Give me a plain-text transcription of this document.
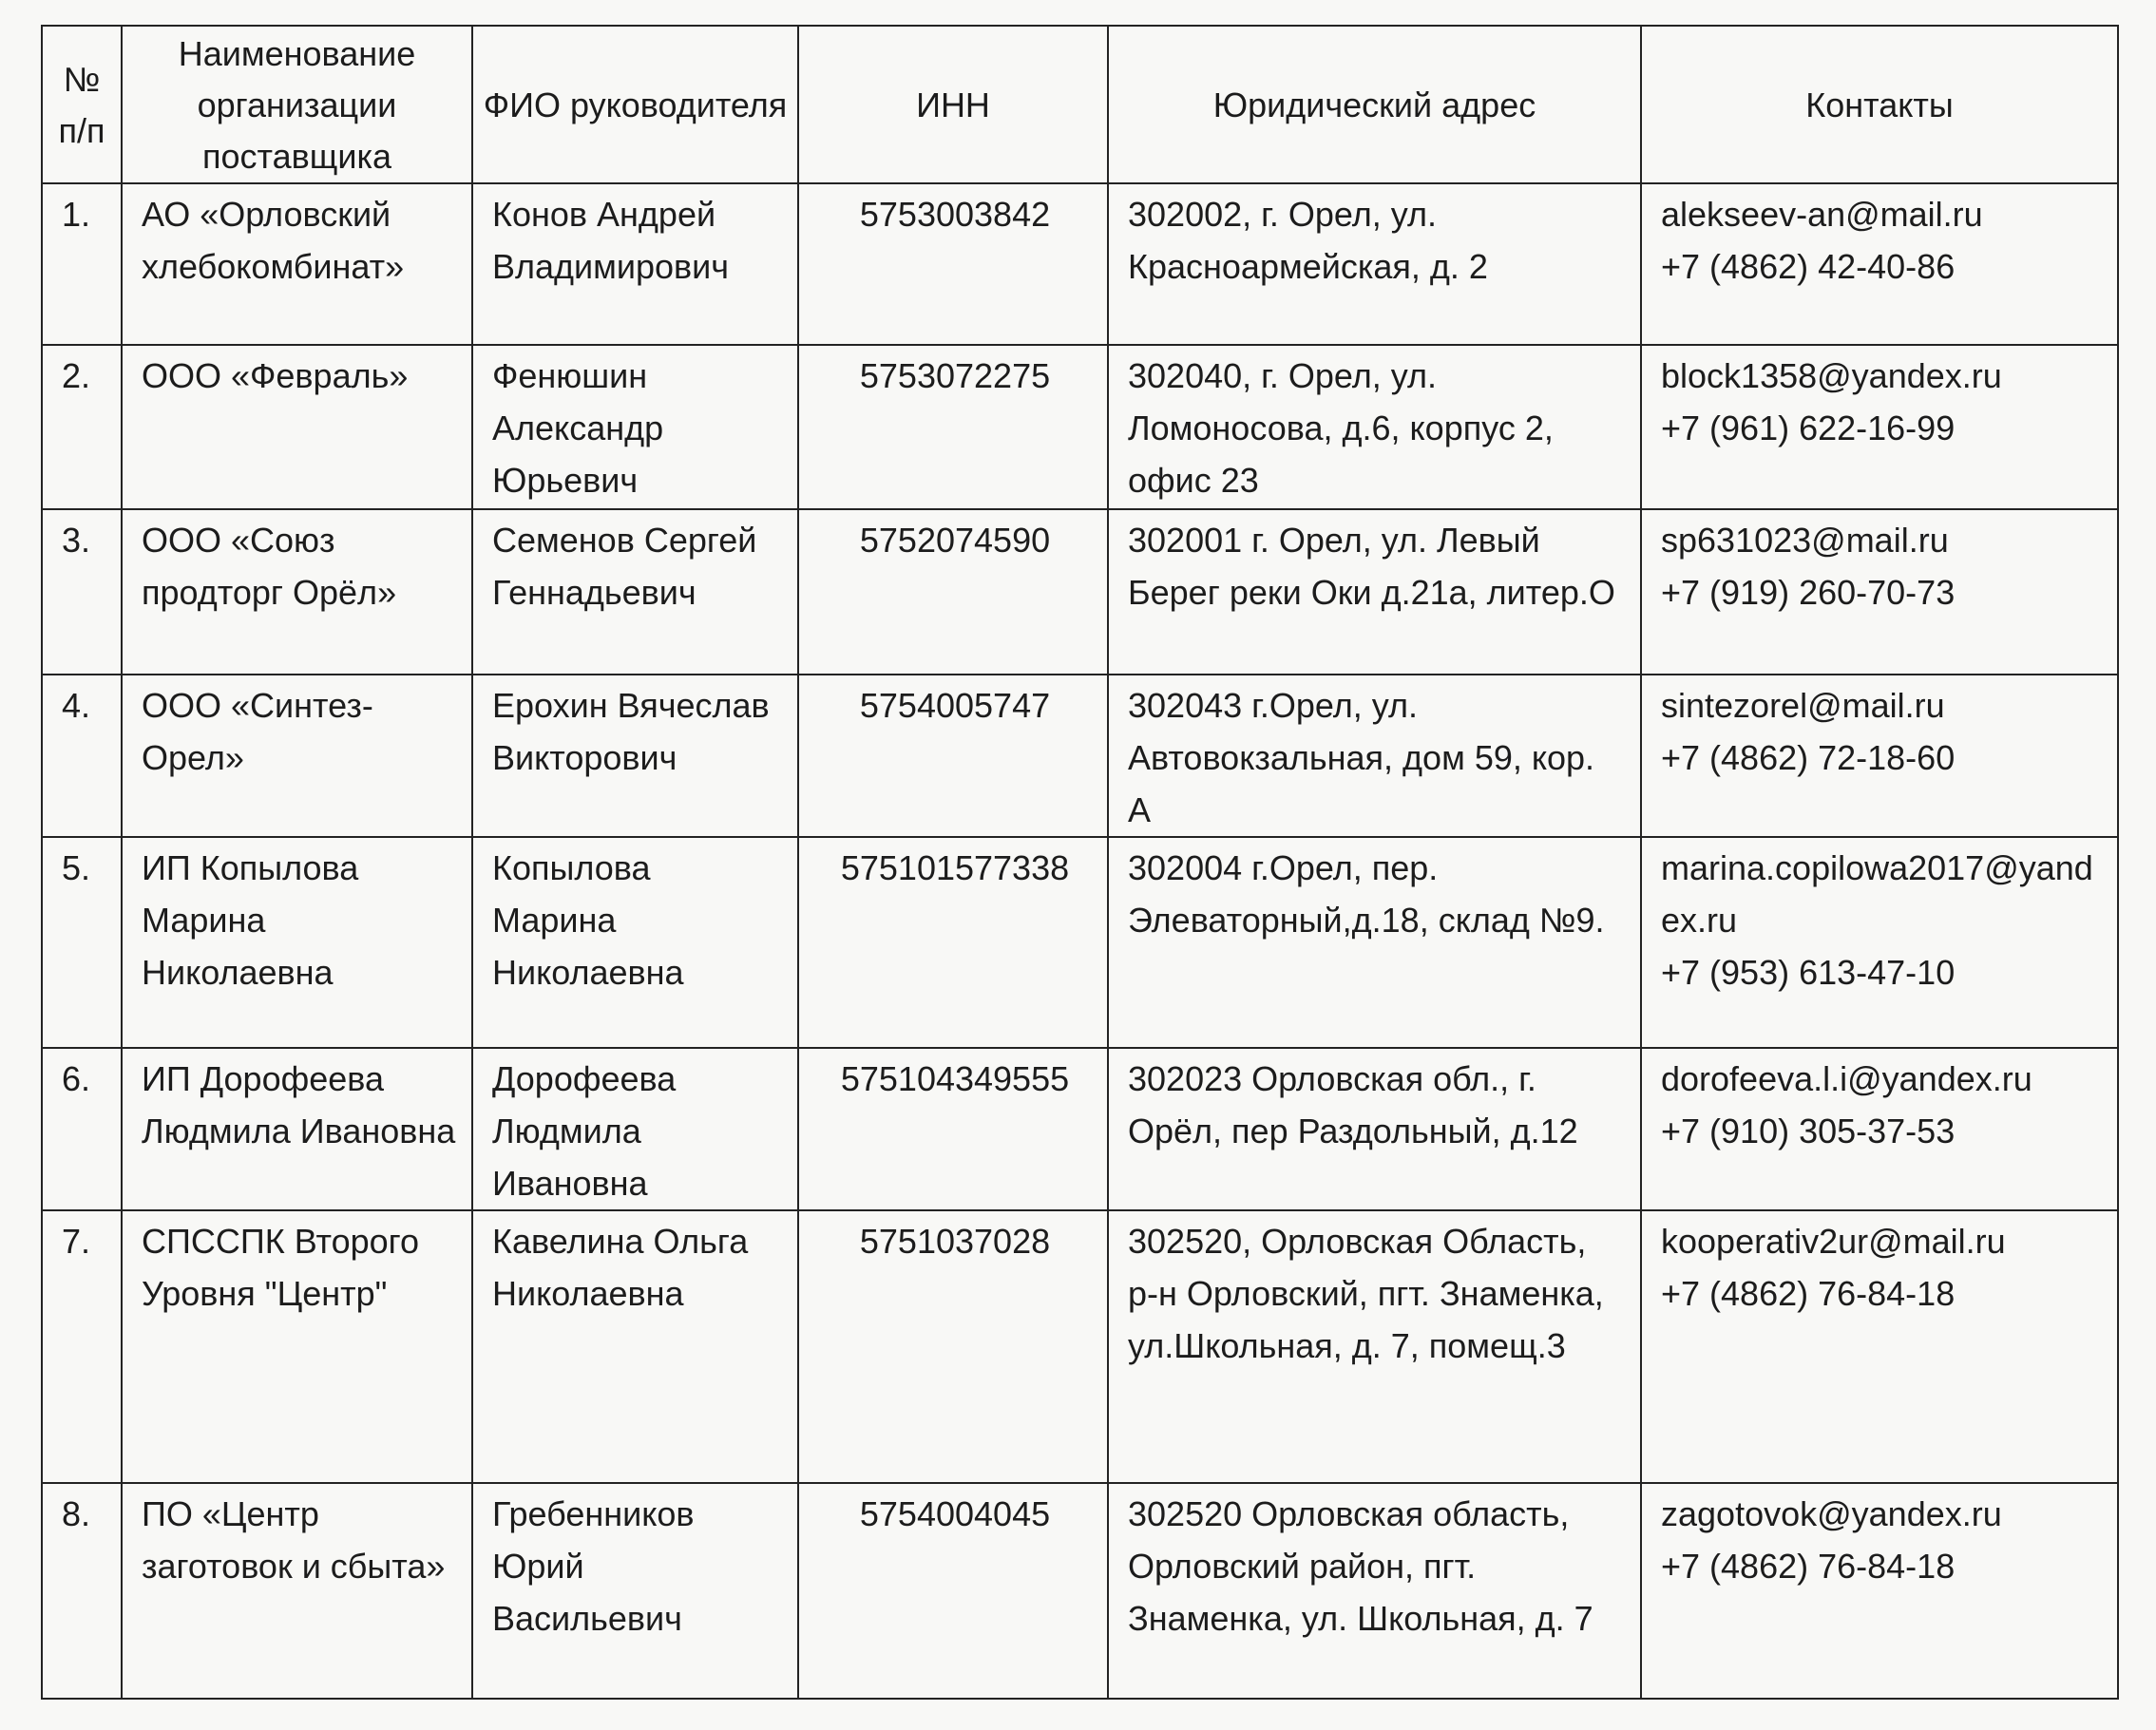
№ п/п	Наименование организации поставщика	ФИО руководителя	ИНН	Юридический адрес	Контакты
1.	АО «Орловский хлебокомбинат»	Конов Андрей Владимирович	5753003842	302002, г. Орел, ул. Красноармейская, д. 2	alekseev-an@mail.ru
+7 (4862) 42-40-86

2.	ООО «Февраль»	Фенюшин Александр Юрьевич	5753072275	302040, г. Орел, ул. Ломоносова, д.6, корпус 2, офис 23	block1358@yandex.ru
+7 (961) 622-16-99

3.	ООО «Союз продторг Орёл»	Семенов Сергей Геннадьевич	5752074590	302001 г. Орел, ул. Левый Берег реки Оки д.21а, литер.О	sp631023@mail.ru
+7 (919) 260-70-73

4.	ООО «Синтез-Орел»	Ерохин Вячеслав Викторович	5754005747	302043 г.Орел, ул. Автовокзальная, дом 59, кор. А	sintezorel@mail.ru
+7 (4862) 72-18-60

5.	ИП Копылова Марина Николаевна	Копылова Марина Николаевна	575101577338	302004 г.Орел, пер. Элеваторный,д.18, склад №9.	marina.copilowa2017@yandex.ru
+7 (953) 613-47-10

6.	ИП Дорофеева Людмила Ивановна	Дорофеева Людмила Ивановна	575104349555	302023 Орловская обл., г. Орёл, пер Раздольный, д.12	dorofeeva.l.i@yandex.ru
+7 (910) 305-37-53

7.	СПССПК Второго Уровня "Центр"	Кавелина Ольга Николаевна	5751037028	302520, Орловская Область, р-н Орловский, пгт. Знаменка, ул.Школьная, д. 7, помещ.3	kooperativ2ur@mail.ru
+7 (4862) 76-84-18

8.	ПО «Центр заготовок и сбыта»	Гребенников Юрий Васильевич	5754004045	302520 Орловская область, Орловский район, пгт. Знаменка, ул. Школьная, д. 7	zagotovok@yandex.ru
+7 (4862) 76-84-18
